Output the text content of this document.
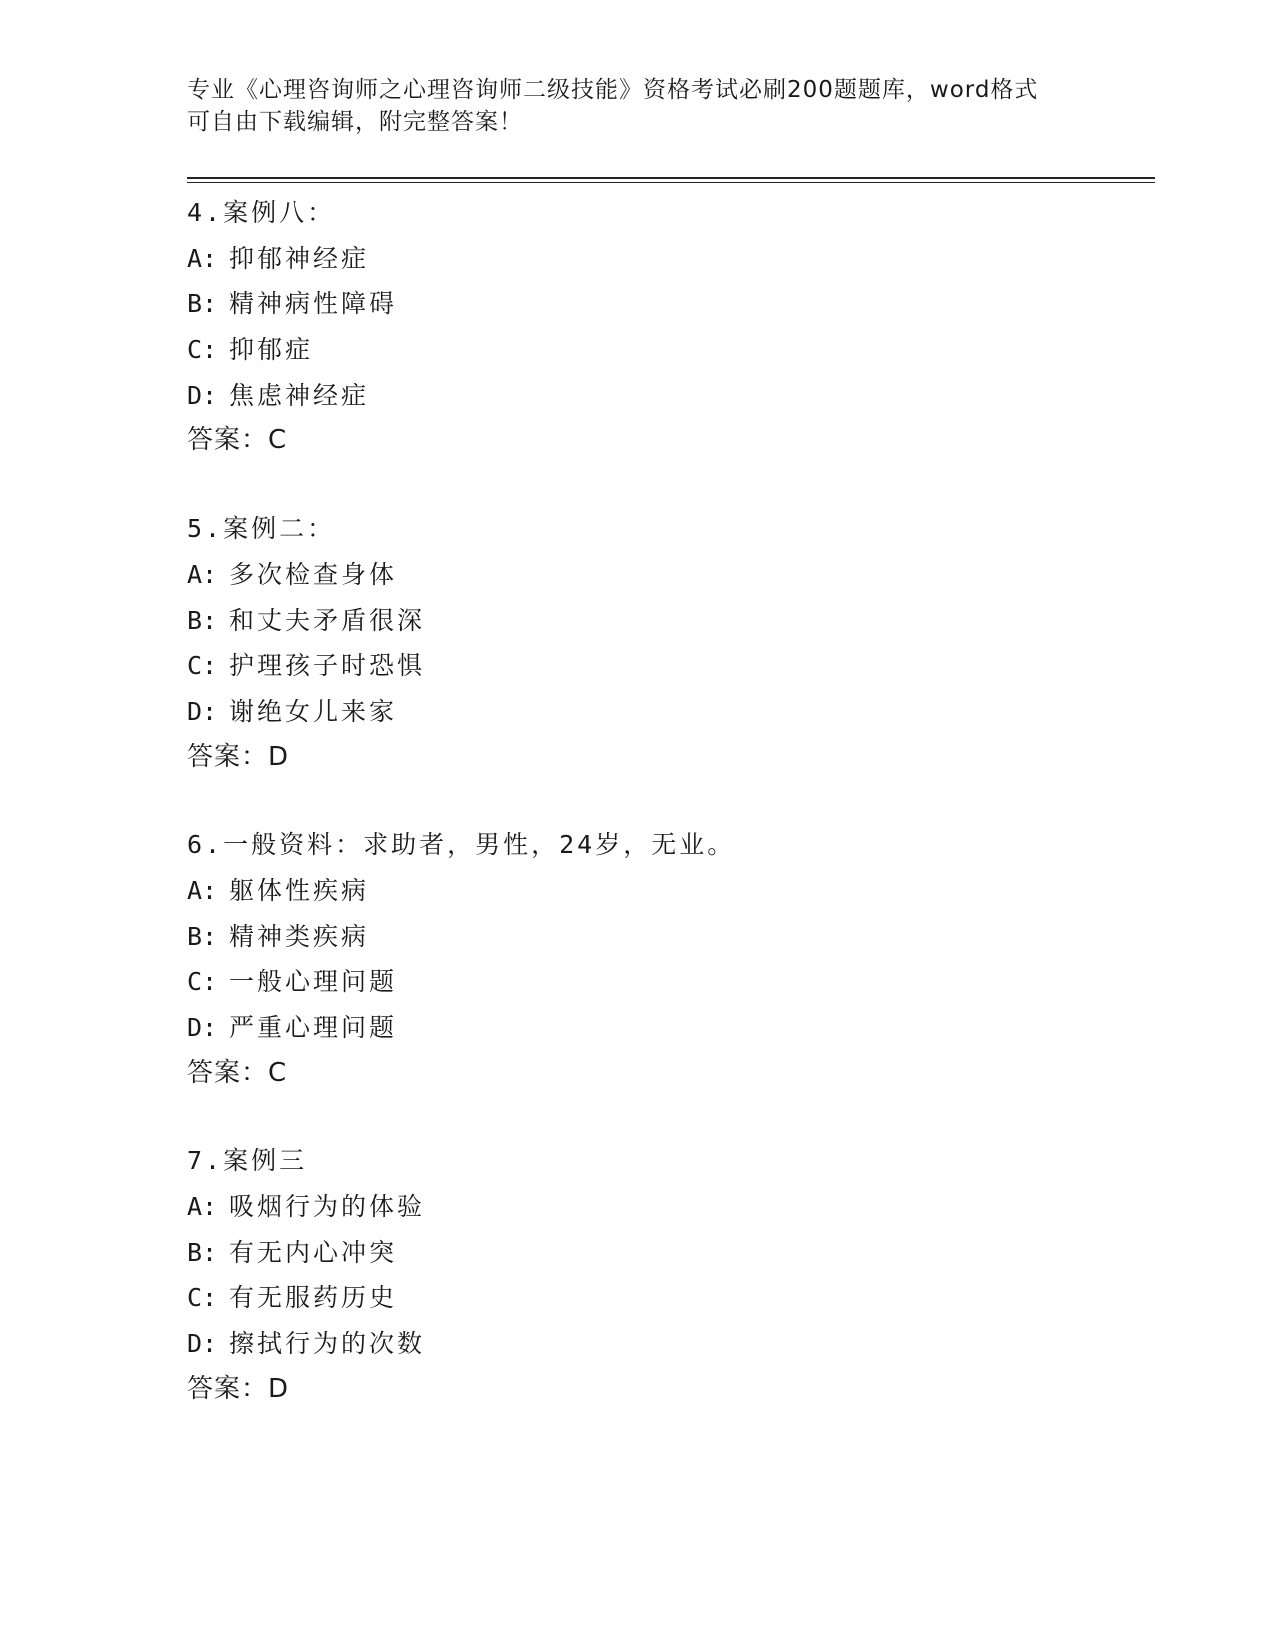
专业《心理咨询师之心理咨询师二级技能》资格考试必刷200题题库，word格式
可自由下载编辑，附完整答案！
4.案例八：
A: 抑郁神经症
B: 精神病性障碍
C: 抑郁症
D: 焦虑神经症
答案：C
5.案例二：
A: 多次检查身体
B: 和丈夫矛盾很深
C: 护理孩子时恐惧
D: 谢绝女儿来家
答案：D
6.一般资料：求助者，男性，24岁，无业。
A: 躯体性疾病
B: 精神类疾病
C: 一般心理问题
D: 严重心理问题
答案：C
7.案例三
A: 吸烟行为的体验
B: 有无内心冲突
C: 有无服药历史
D: 擦拭行为的次数
答案：D
